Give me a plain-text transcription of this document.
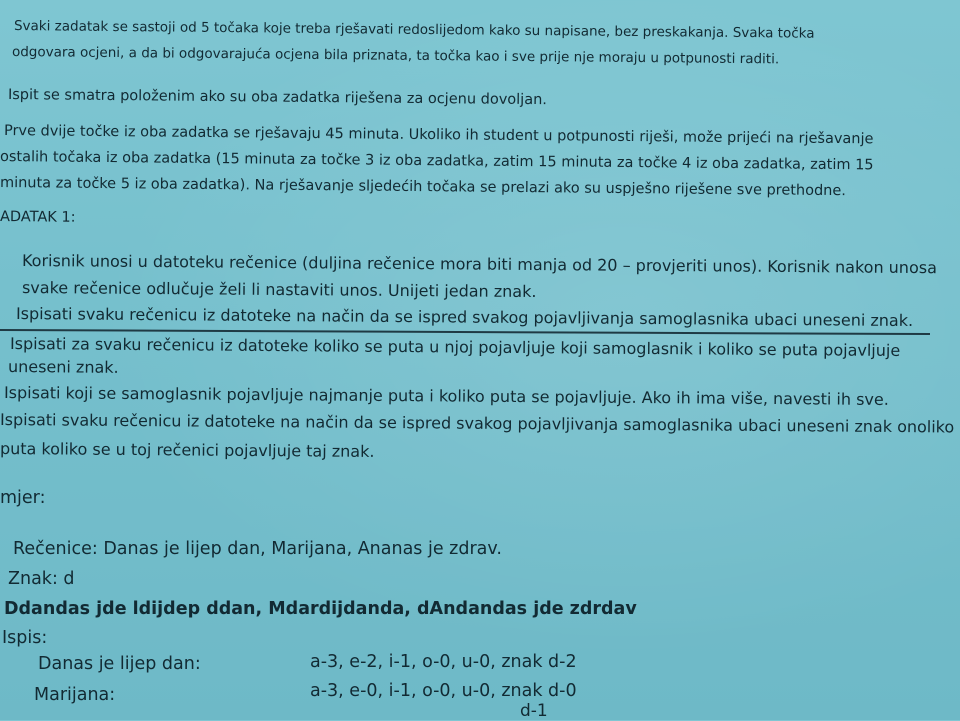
Svaki zadatak se sastoji od 5 točaka koje treba rješavati redoslijedom kako su napisane, bez preskakanja. Svaka točka
odgovara ocjeni, a da bi odgovarajuća ocjena bila priznata, ta točka kao i sve prije nje moraju u potpunosti raditi.
Ispit se smatra položenim ako su oba zadatka riješena za ocjenu dovoljan.
Prve dvije točke iz oba zadatka se rješavaju 45 minuta. Ukoliko ih student u potpunosti riješi, može prijeći na rješavanje
ostalih točaka iz oba zadatka (15 minuta za točke 3 iz oba zadatka, zatim 15 minuta za točke 4 iz oba zadatka, zatim 15
minuta za točke 5 iz oba zadatka). Na rješavanje sljedećih točaka se prelazi ako su uspješno riješene sve prethodne.
ADATAK 1:
Korisnik unosi u datoteku rečenice (duljina rečenice mora biti manja od 20 – provjeriti unos). Korisnik nakon unosa
svake rečenice odlučuje želi li nastaviti unos. Unijeti jedan znak.
Ispisati svaku rečenicu iz datoteke na način da se ispred svakog pojavljivanja samoglasnika ubaci uneseni znak.
Ispisati za svaku rečenicu iz datoteke koliko se puta u njoj pojavljuje koji samoglasnik i koliko se puta pojavljuje
uneseni znak.
Ispisati koji se samoglasnik pojavljuje najmanje puta i koliko puta se pojavljuje. Ako ih ima više, navesti ih sve.
Ispisati svaku rečenicu iz datoteke na način da se ispred svakog pojavljivanja samoglasnika ubaci uneseni znak onoliko
puta koliko se u toj rečenici pojavljuje taj znak.
mjer:
Rečenice: Danas je lijep dan, Marijana, Ananas je zdrav.
Znak: d
Ddandas jde ldijdep ddan, Mdardijdanda, dAndandas jde zdrdav
Ispis:
Danas je lijep dan:	a-3, e-2, i-1, o-0, u-0, znak d-2
Marijana:	a-3, e-0, i-1, o-0, u-0, znak d-0
d-1
